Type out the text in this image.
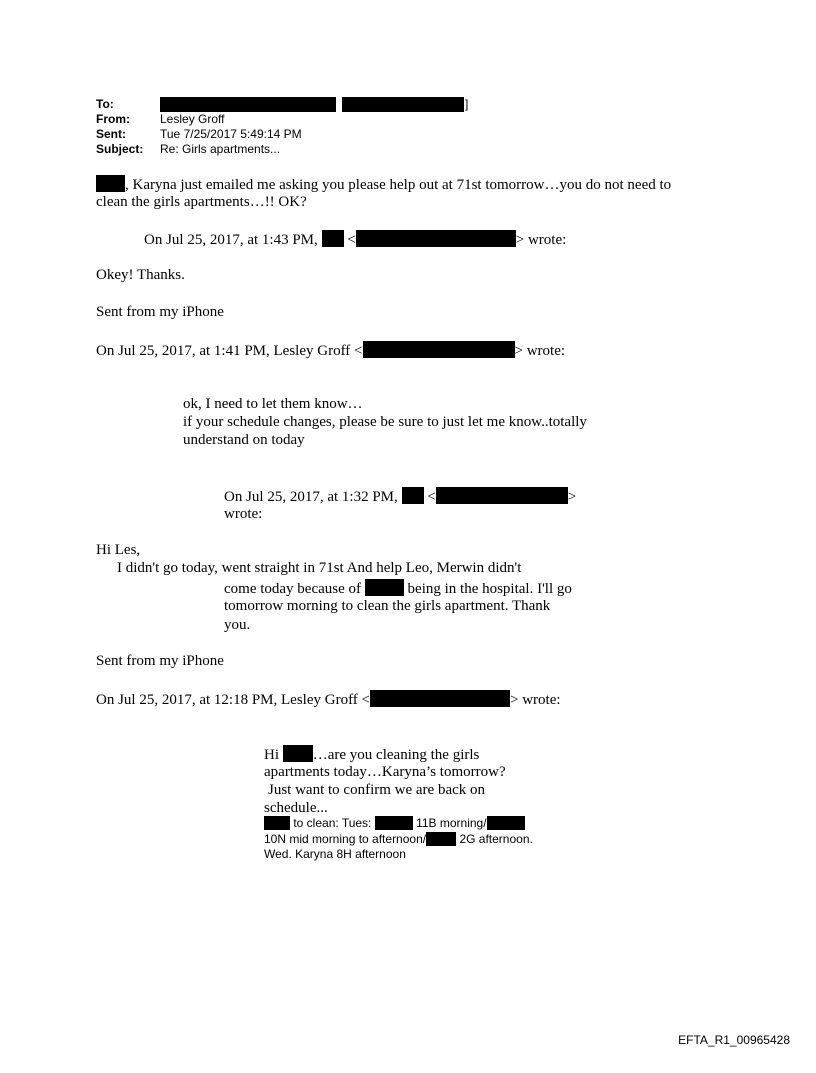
To:	]
From:	Lesley Groff
Sent:	Tue 7/25/2017 5:49:14 PM
Subject: Re: Girls apartments...
, Karyna just emailed me asking you please help out at 71st tomorrow…you do not need to
clean the girls apartments…!! OK?
On Jul 25, 2017, at 1:43 PM, <	> wrote:
Okey! Thanks.
Sent from my iPhone
On Jul 25, 2017, at 1:41 PM, Lesley Groff <	> wrote:
ok, I need to let them know…
if your schedule changes, please be sure to just let me know..totally
understand on today
On Jul 25, 2017, at 1:32 PM, <	>
wrote:
Hi Les,
I didn't go today, went straight in 71st And help Leo, Merwin didn't
come today because of	being in the hospital. I'll go
tomorrow morning to clean the girls apartment. Thank
you.
Sent from my iPhone
On Jul 25, 2017, at 12:18 PM, Lesley Groff <	> wrote:
Hi …are you cleaning the girls
apartments today…Karyna’s tomorrow?
Just want to confirm we are back on
schedule...
to clean: Tues:	11B morning/
10N mid morning to afternoon/	2G afternoon.
Wed. Karyna 8H afternoon
EFTA_R1_00965428
